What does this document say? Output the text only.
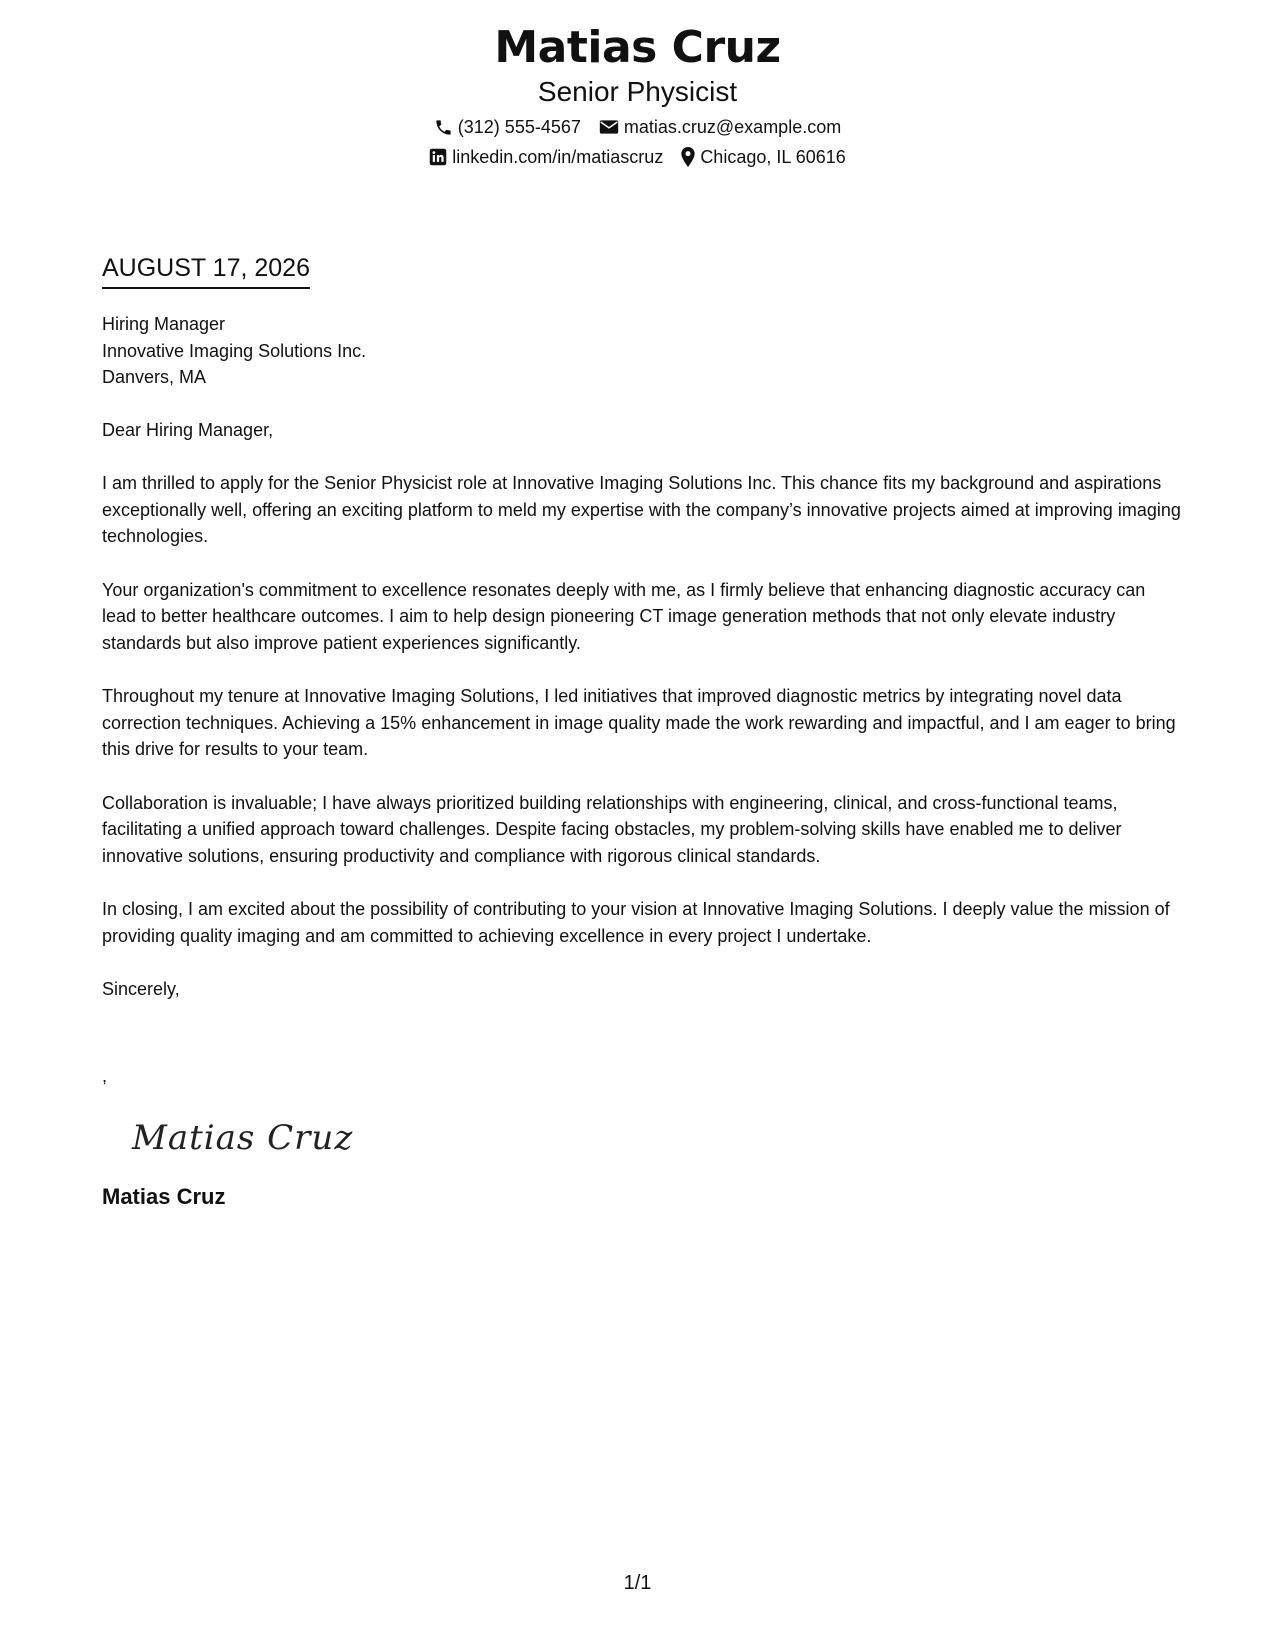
Matias Cruz
Senior Physicist
(312) 555-4567 matias.cruz@example.com
linkedin.com/in/matiascruz Chicago, IL 60616
AUGUST 17, 2026
Hiring Manager
Innovative Imaging Solutions Inc.
Danvers, MA
Dear Hiring Manager,
I am thrilled to apply for the Senior Physicist role at Innovative Imaging Solutions Inc. This chance fits my background and aspirations exceptionally well, offering an exciting platform to meld my expertise with the company’s innovative projects aimed at improving imaging technologies.
Your organization's commitment to excellence resonates deeply with me, as I firmly believe that enhancing diagnostic accuracy can lead to better healthcare outcomes. I aim to help design pioneering CT image generation methods that not only elevate industry standards but also improve patient experiences significantly.
Throughout my tenure at Innovative Imaging Solutions, I led initiatives that improved diagnostic metrics by integrating novel data correction techniques. Achieving a 15% enhancement in image quality made the work rewarding and impactful, and I am eager to bring this drive for results to your team.
Collaboration is invaluable; I have always prioritized building relationships with engineering, clinical, and cross-functional teams, facilitating a unified approach toward challenges. Despite facing obstacles, my problem-solving skills have enabled me to deliver innovative solutions, ensuring productivity and compliance with rigorous clinical standards.
In closing, I am excited about the possibility of contributing to your vision at Innovative Imaging Solutions. I deeply value the mission of providing quality imaging and am committed to achieving excellence in every project I undertake.
Sincerely,
,
Matias Cruz
Matias Cruz
1/1
